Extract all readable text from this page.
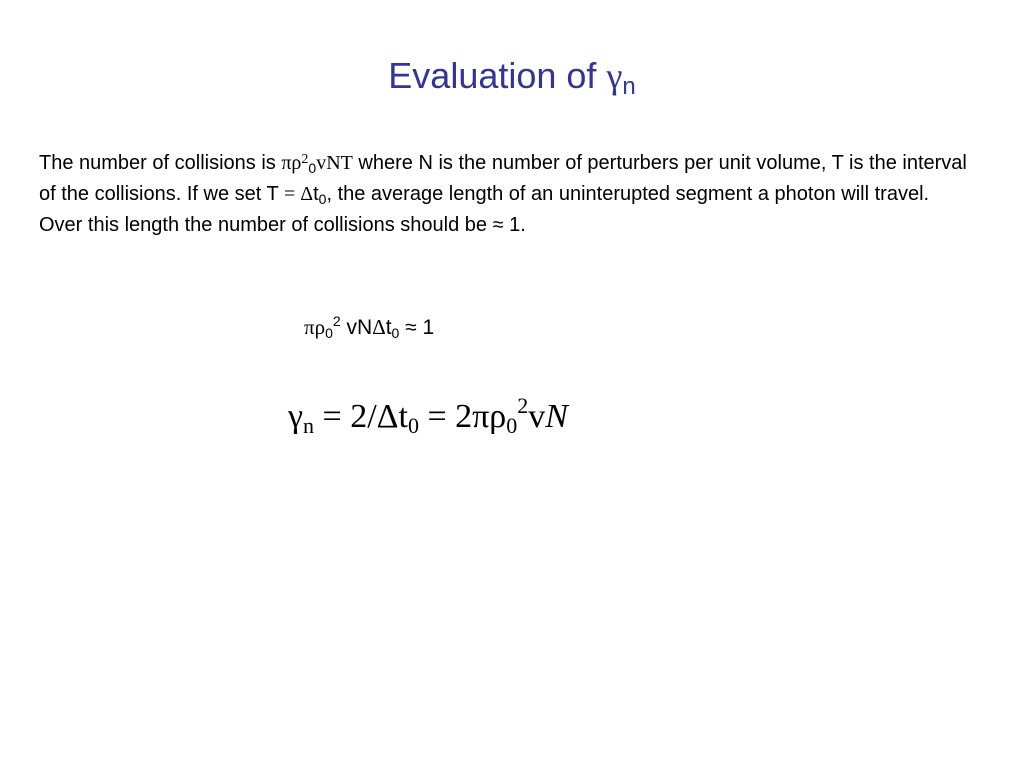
Evaluation of $\gamma_n$
The number of collisions is $\pi\rho^2_0vNT$ where N is the number of perturbers per unit volume, T is the interval of the collisions. If we set $T = \Delta t_0$, the average length of an uninterupted segment a photon will travel. Over this length the number of collisions should be ≈ 1.
$\pi\rho_0^2$ vNΔt$_0$ ≈ 1
$\gamma_n = 2/\Delta t_0 = 2\pi\rho_0^2vN$
